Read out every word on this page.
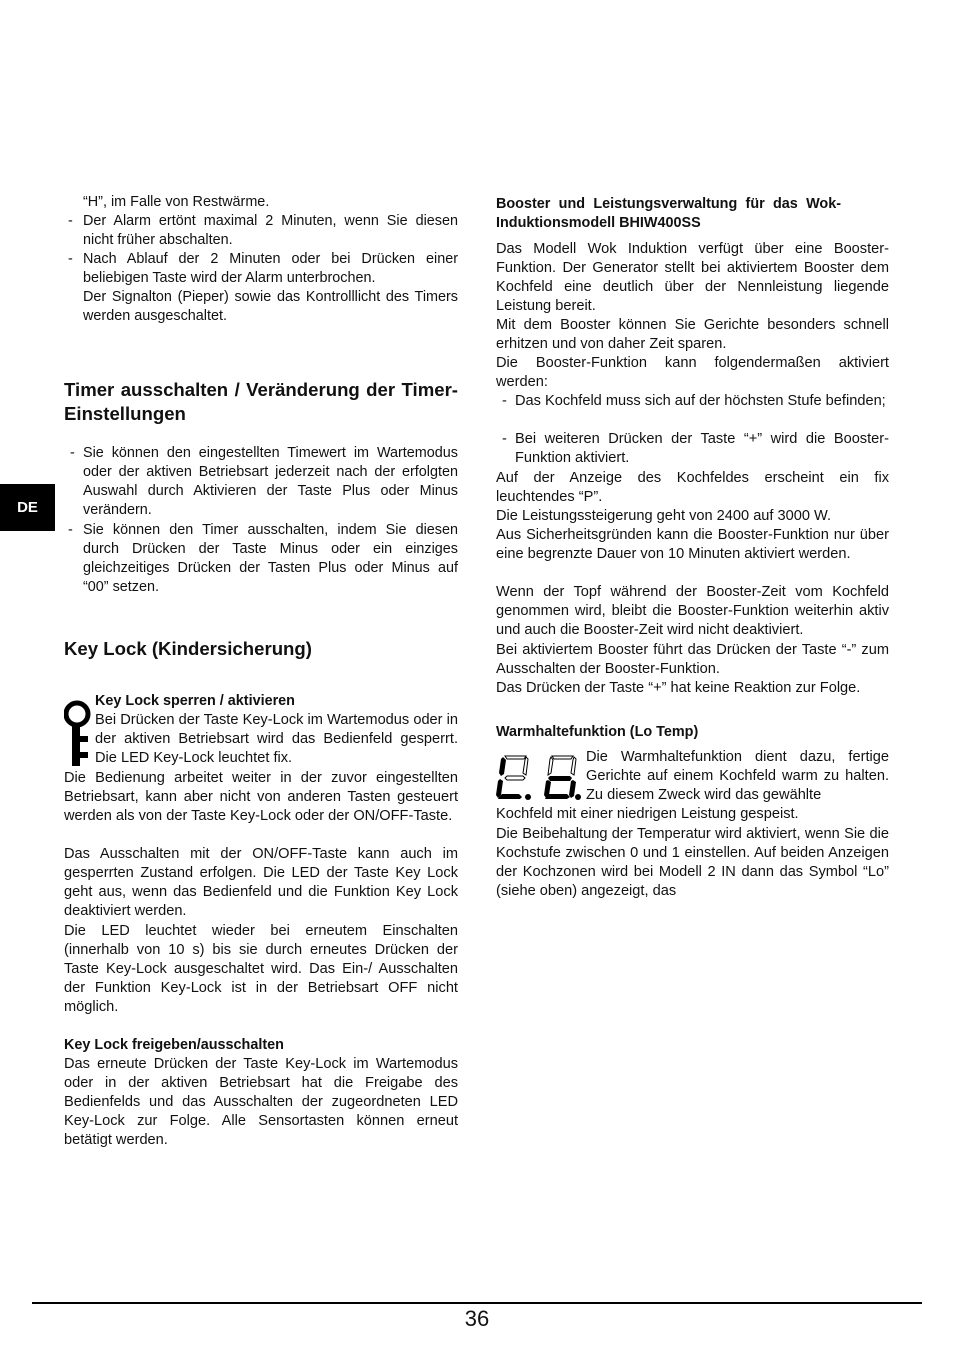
“H”, im Falle von Restwärme.

- Der Alarm ertönt maximal 2 Minuten, wenn Sie diesen nicht früher abschalten.
- Nach Ablauf der 2 Minuten oder bei Drücken einer beliebigen Taste wird der Alarm unterbrochen.
Der Signalton (Pieper) sowie das Kontrolllicht des Timers werden ausgeschaltet.
Timer ausschalten / Veränderung der Timer-Einstellungen
- Sie können den eingestellten Timewert im Wartemodus oder der aktiven Betriebsart jederzeit nach der erfolgten Auswahl durch Aktivieren der Taste Plus oder Minus verändern.
- Sie können den Timer ausschalten, indem Sie diesen durch Drücken der Taste Minus oder ein einziges gleichzeitiges Drücken der Tasten Plus oder Minus auf “00” setzen.
Key Lock (Kindersicherung)
Key Lock sperren / aktivieren

Bei Drücken der Taste Key-Lock im Wartemodus oder in der aktiven Betriebsart wird das Bedienfeld gesperrt. Die LED Key-Lock leuchtet fix.

Die Bedienung arbeitet weiter in der zuvor eingestellten Betriebsart, kann aber nicht von anderen Tasten gesteuert werden als von der Taste Key-Lock oder der ON/OFF-Taste.

Das Ausschalten mit der ON/OFF-Taste kann auch im gesperrten Zustand erfolgen. Die LED der Taste Key Lock geht aus, wenn das Bedienfeld und die Funktion Key Lock deaktiviert werden.

Die LED leuchtet wieder bei erneutem Einschalten (innerhalb von 10 s) bis sie durch erneutes Drücken der Taste Key-Lock ausgeschaltet wird. Das Ein-/ Ausschalten der Funktion Key-Lock ist in der Betriebsart OFF nicht möglich.

Key Lock freigeben/ausschalten

Das erneute Drücken der Taste Key-Lock im Wartemodus oder in der aktiven Betriebsart hat die Freigabe des Bedienfelds und das Ausschalten der zugeordneten LED Key-Lock zur Folge. Alle Sensortasten können erneut betätigt werden.

Booster und Leistungsverwaltung für das Wok-Induktionsmodell BHIW400SS

Das Modell Wok Induktion verfügt über eine Booster-Funktion. Der Generator stellt bei aktiviertem Booster dem Kochfeld eine deutlich über der Nennleistung liegende Leistung bereit.

Mit dem Booster können Sie Gerichte besonders schnell erhitzen und von daher Zeit sparen.

Die Booster-Funktion kann folgendermaßen aktiviert werden:

- Das Kochfeld muss sich auf der höchsten Stufe befinden;
- Bei weiteren Drücken der Taste “+” wird die Booster-Funktion aktiviert.

Auf der Anzeige des Kochfeldes erscheint ein fix leuchtendes “P”.

Die Leistungssteigerung geht von 2400 auf 3000 W.

Aus Sicherheitsgründen kann die Booster-Funktion nur über eine begrenzte Dauer von 10 Minuten aktiviert werden.

Wenn der Topf während der Booster-Zeit vom Kochfeld genommen wird, bleibt die Booster-Funktion weiterhin aktiv und auch die Booster-Zeit wird nicht deaktiviert.

Bei aktiviertem Booster führt das Drücken der Taste “-” zum Ausschalten der Booster-Funktion.

Das Drücken der Taste “+” hat keine Reaktion zur Folge.

Warmhaltefunktion (Lo Temp)

Die Warmhaltefunktion dient dazu, fertige Gerichte auf einem Kochfeld warm zu halten. Zu diesem Zweck wird das gewählte

Kochfeld mit einer niedrigen Leistung gespeist.

Die Beibehaltung der Temperatur wird aktiviert, wenn Sie die Kochstufe zwischen 0 und 1 einstellen. Auf beiden Anzeigen der Kochzonen wird bei Modell 2 IN dann das Symbol “Lo” (siehe oben) angezeigt, das

DE
36
